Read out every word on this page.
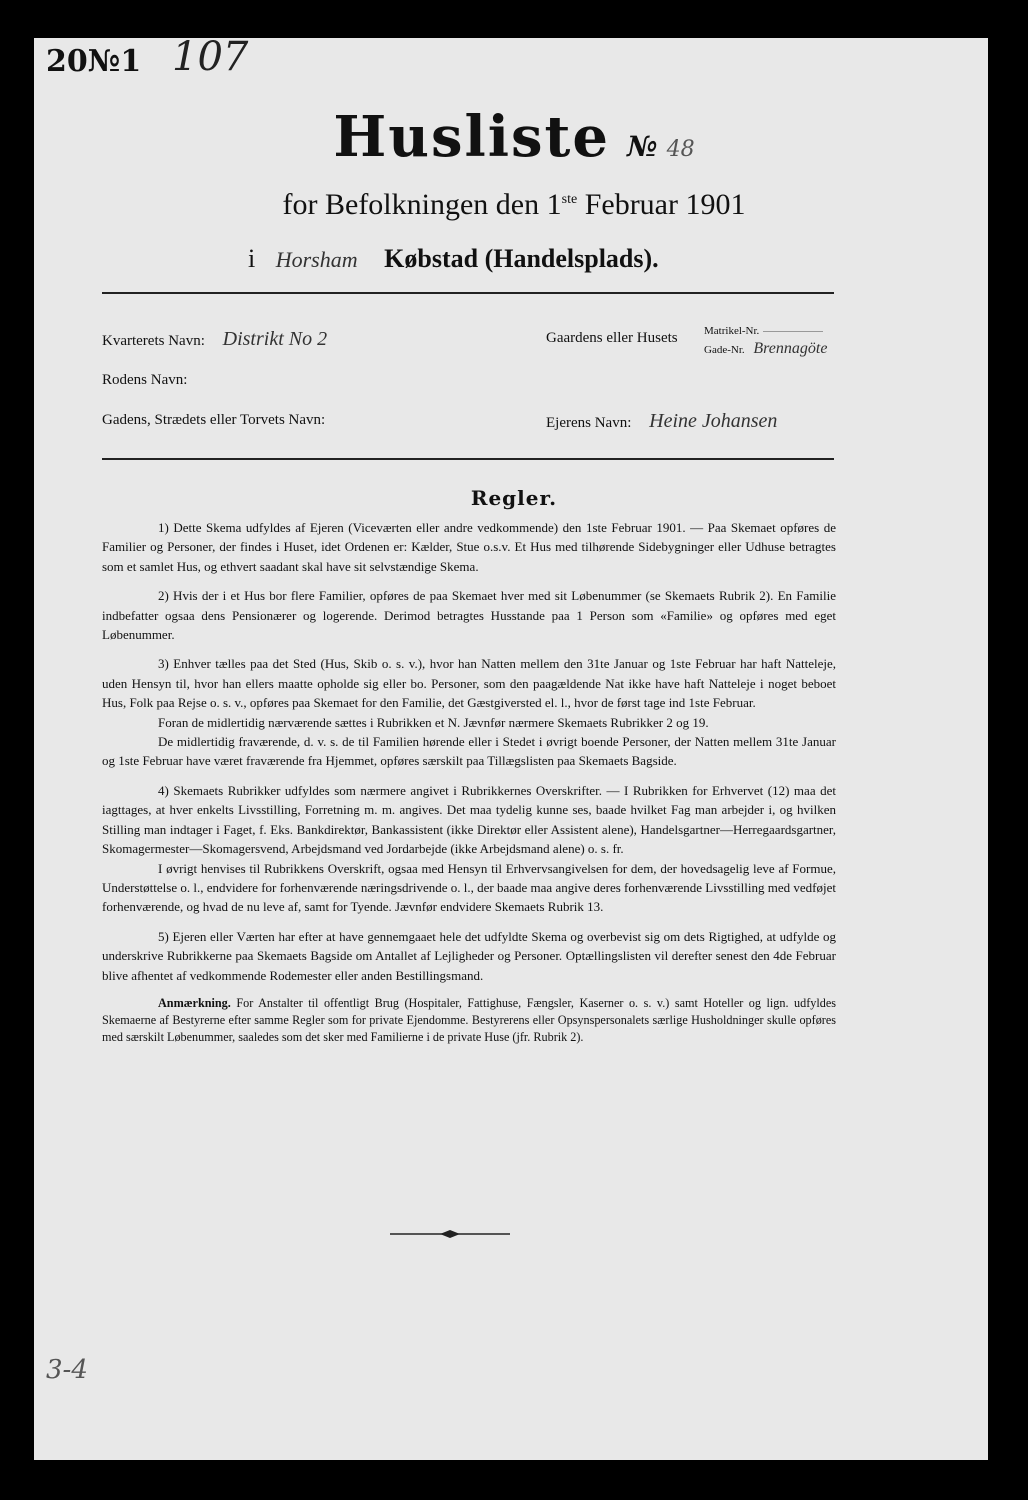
20№1 107
Husliste № 48
for Befolkningen den 1ste Februar 1901
i Horsham Købstad (Handelsplads).
Kvarterets Navn: Distrikt No 2	Gaardens eller Husets Matrikel-Nr.
Gade-Nr. Brennagöte
Rodens Navn:
Gadens, Strædets eller Torvets Navn:	Ejerens Navn: Heine Johansen
Regler.

1) Dette Skema udfyldes af Ejeren (Viceværten eller andre vedkommende) den 1ste Februar 1901. — Paa Skemaet opføres de Familier og Personer, der findes i Huset, idet Ordenen er: Kælder, Stue o.s.v. Et Hus med tilhørende Sidebygninger eller Udhuse betragtes som et samlet Hus, og ethvert saadant skal have sit selvstændige Skema.

2) Hvis der i et Hus bor flere Familier, opføres de paa Skemaet hver med sit Løbenummer (se Skemaets Rubrik 2). En Familie indbefatter ogsaa dens Pensionærer og logerende. Derimod betragtes Husstande paa 1 Person som «Familie» og opføres med eget Løbenummer.

3) Enhver tælles paa det Sted (Hus, Skib o. s. v.), hvor han Natten mellem den 31te Januar og 1ste Februar har haft Natteleje, uden Hensyn til, hvor han ellers maatte opholde sig eller bo. Personer, som den paagældende Nat ikke have haft Natteleje i noget beboet Hus, Folk paa Rejse o. s. v., opføres paa Skemaet for den Familie, det Gæstgiversted el. l., hvor de først tage ind 1ste Februar.

Foran de midlertidig nærværende sættes i Rubrikken et N. Jævnfør nærmere Skemaets Rubrikker 2 og 19.

De midlertidig fraværende, d. v. s. de til Familien hørende eller i Stedet i øvrigt boende Personer, der Natten mellem 31te Januar og 1ste Februar have været fraværende fra Hjemmet, opføres særskilt paa Tillægslisten paa Skemaets Bagside.

4) Skemaets Rubrikker udfyldes som nærmere angivet i Rubrikkernes Overskrifter. — I Rubrikken for Erhvervet (12) maa det iagttages, at hver enkelts Livsstilling, Forretning m. m. angives. Det maa tydelig kunne ses, baade hvilket Fag man arbejder i, og hvilken Stilling man indtager i Faget, f. Eks. Bankdirektør, Bankassistent (ikke Direktør eller Assistent alene), Handelsgartner—Herregaardsgartner, Skomagermester—Skomagersvend, Arbejdsmand ved Jordarbejde (ikke Arbejdsmand alene) o. s. fr.

I øvrigt henvises til Rubrikkens Overskrift, ogsaa med Hensyn til Erhvervsangivelsen for dem, der hovedsagelig leve af Formue, Understøttelse o. l., endvidere for forhenværende næringsdrivende o. l., der baade maa angive deres forhenværende Livsstilling med vedføjet forhenværende, og hvad de nu leve af, samt for Tyende. Jævnfør endvidere Skemaets Rubrik 13.

5) Ejeren eller Værten har efter at have gennemgaaet hele det udfyldte Skema og overbevist sig om dets Rigtighed, at udfylde og underskrive Rubrikkerne paa Skemaets Bagside om Antallet af Lejligheder og Personer. Optællingslisten vil derefter senest den 4de Februar blive afhentet af vedkommende Rodemester eller anden Bestillingsmand.

Anmærkning. For Anstalter til offentligt Brug (Hospitaler, Fattighuse, Fængsler, Kaserner o. s. v.) samt Hoteller og lign. udfyldes Skemaerne af Bestyrerne efter samme Regler som for private Ejendomme. Bestyrerens eller Opsynspersonalets særlige Husholdninger skulle opføres med særskilt Løbenummer, saaledes som det sker med Familierne i de private Huse (jfr. Rubrik 2).

3-4
